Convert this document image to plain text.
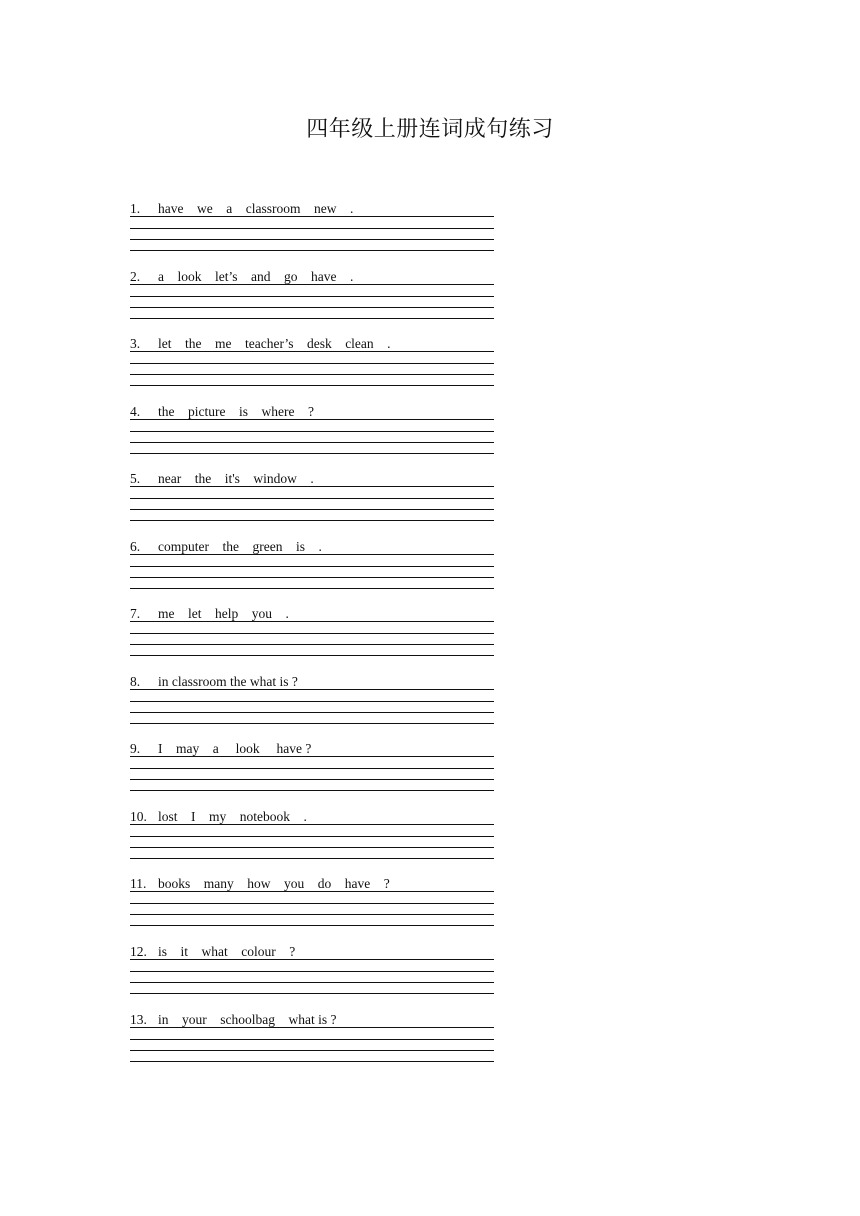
四年级上册连词成句练习
1. have    we    a    classroom    new    .
2. a    look    let’s    and    go    have    .
3. let    the    me    teacher’s    desk    clean    .
4. the    picture    is    where    ?
5. near    the    it's    window    .
6. computer    the    green    is    .
7. me    let    help    you    .
8. in classroom the what is ?
9. I    may    a     look     have ?
10. lost    I    my    notebook    .
11. books    many    how    you    do    have    ?
12. is    it    what    colour    ?
13. in    your    schoolbag    what is ?
